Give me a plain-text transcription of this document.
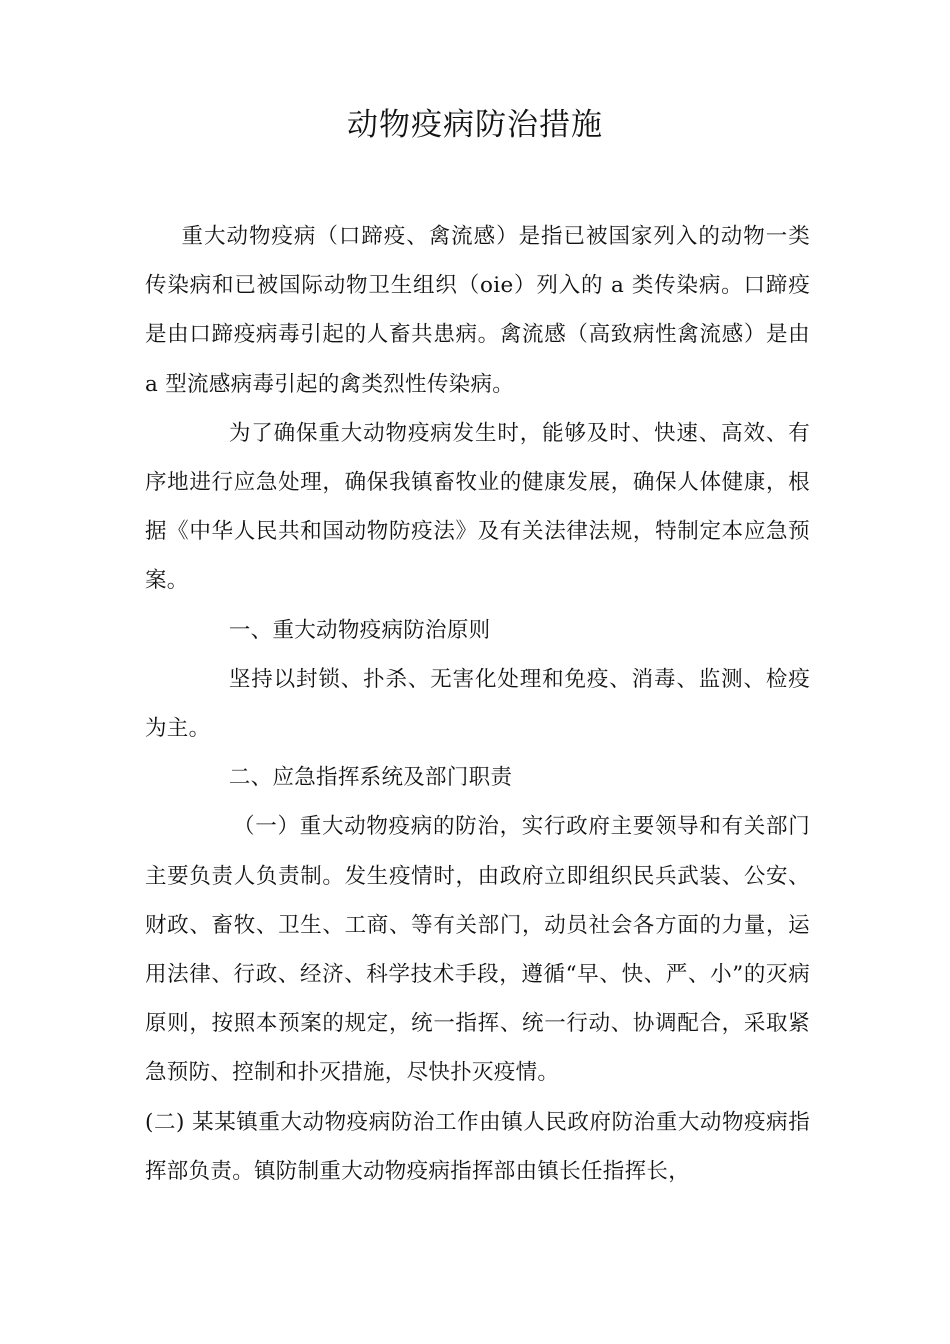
动物疫病防治措施

重大动物疫病（口蹄疫、禽流感）是指已被国家列入的动物一类传染病和已被国际动物卫生组织（oie）列入的 a 类传染病。口蹄疫是由口蹄疫病毒引起的人畜共患病。禽流感（高致病性禽流感）是由 a 型流感病毒引起的禽类烈性传染病。

为了确保重大动物疫病发生时，能够及时、快速、高效、有序地进行应急处理，确保我镇畜牧业的健康发展，确保人体健康，根据《中华人民共和国动物防疫法》及有关法律法规，特制定本应急预案。

一、重大动物疫病防治原则

坚持以封锁、扑杀、无害化处理和免疫、消毒、监测、检疫为主。

二、应急指挥系统及部门职责

（一）重大动物疫病的防治，实行政府主要领导和有关部门主要负责人负责制。发生疫情时，由政府立即组织民兵武装、公安、财政、畜牧、卫生、工商、等有关部门，动员社会各方面的力量，运用法律、行政、经济、科学技术手段，遵循“早、快、严、小”的灭病原则，按照本预案的规定，统一指挥、统一行动、协调配合，采取紧急预防、控制和扑灭措施，尽快扑灭疫情。

(二) 某某镇重大动物疫病防治工作由镇人民政府防治重大动物疫病指挥部负责。镇防制重大动物疫病指挥部由镇长任指挥长，
